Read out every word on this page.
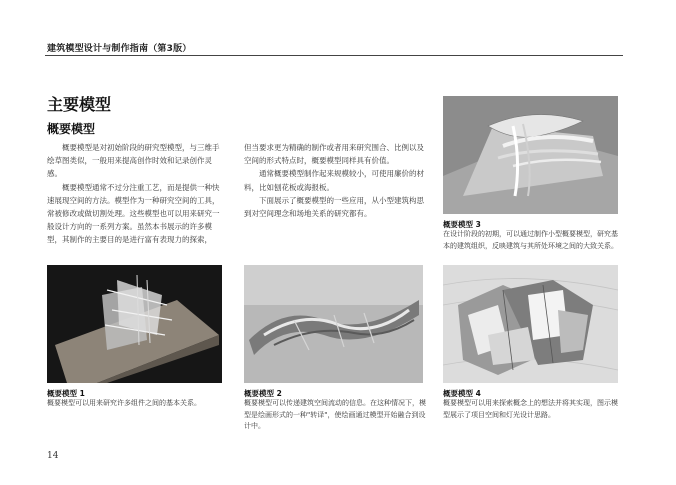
建筑模型设计与制作指南（第3版）
主要模型
概要模型

概要模型是对初始阶段的研究型模型，与三维手绘草图类似，一般用来提高创作时效和记录创作灵感。

概要模型通常不过分注重工艺，而是提供一种快速展现空间的方法。模型作为一种研究空间的工具，常被修改或做切割处理。这些模型也可以用来研究一般设计方向的一系列方案。虽然本书展示的许多模型，其制作的主要目的是进行富有表现力的探索，

但当要求更为精确的制作或者用来研究围合、比例以及空间的形式特点时，概要模型同样具有价值。

通常概要模型制作起来规模较小，可使用廉价的材料，比如刨花板或海报板。

下面展示了概要模型的一些应用，从小型建筑构思到对空间理念和场地关系的研究都有。

概要模型 3
在设计阶段的初期，可以通过制作小型概要模型，研究基本的建筑组织，反映建筑与其所处环境之间的大致关系。
概要模型 1
概要模型可以用来研究许多组件之间的基本关系。
概要模型 2
概要模型可以传递建筑空间流动的信息。在这种情况下，模型是绘画形式的一种"转译"，使绘画通过模型开始融合到设计中。
概要模型 4
概要模型可以用来探索概念上的想法并将其实现，图示模型展示了项目空间和灯光设计思路。
14
